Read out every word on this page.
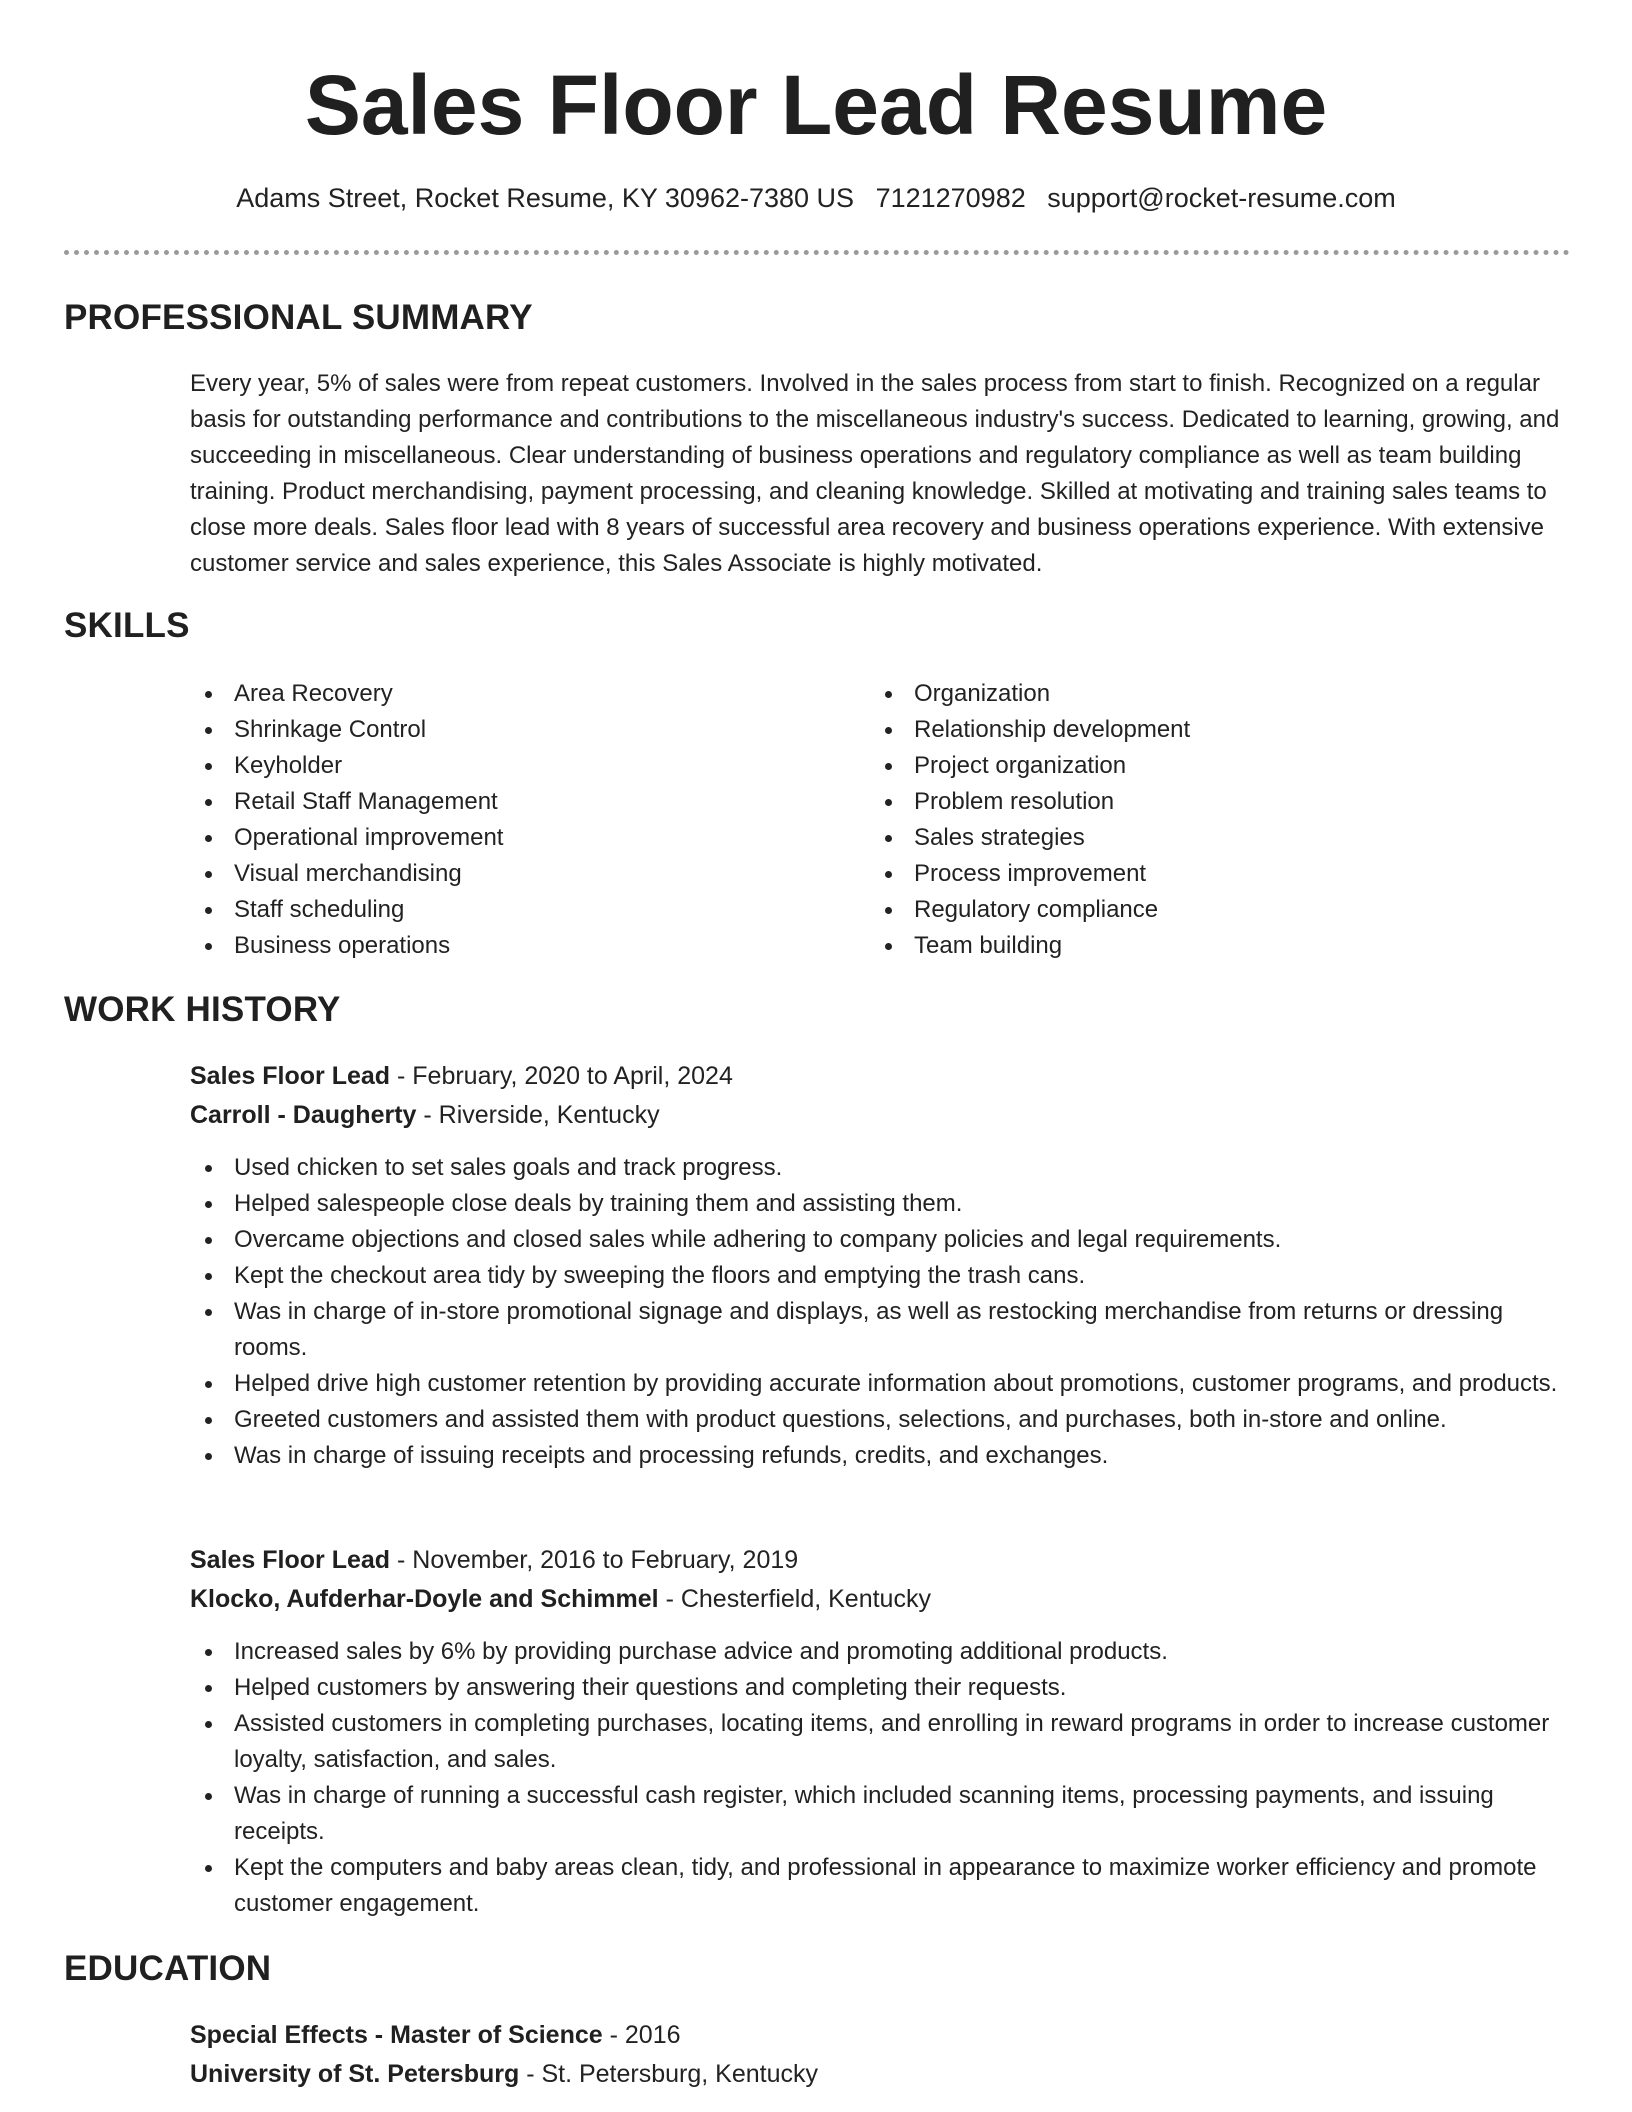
Sales Floor Lead Resume
Adams Street, Rocket Resume, KY 30962-7380 US 7121270982 support@rocket-resume.com
PROFESSIONAL SUMMARY

Every year, 5% of sales were from repeat customers. Involved in the sales process from start to finish. Recognized on a regular basis for outstanding performance and contributions to the miscellaneous industry's success. Dedicated to learning, growing, and succeeding in miscellaneous. Clear understanding of business operations and regulatory compliance as well as team building training. Product merchandising, payment processing, and cleaning knowledge. Skilled at motivating and training sales teams to close more deals. Sales floor lead with 8 years of successful area recovery and business operations experience. With extensive customer service and sales experience, this Sales Associate is highly motivated.

SKILLS
Area Recovery
Shrinkage Control
Keyholder
Retail Staff Management
Operational improvement
Visual merchandising
Staff scheduling
Business operations
Organization
Relationship development
Project organization
Problem resolution
Sales strategies
Process improvement
Regulatory compliance
Team building
WORK HISTORY
Sales Floor Lead - February, 2020 to April, 2024
Carroll - Daugherty - Riverside, Kentucky
Used chicken to set sales goals and track progress.
Helped salespeople close deals by training them and assisting them.
Overcame objections and closed sales while adhering to company policies and legal requirements.
Kept the checkout area tidy by sweeping the floors and emptying the trash cans.
Was in charge of in-store promotional signage and displays, as well as restocking merchandise from returns or dressing rooms.
Helped drive high customer retention by providing accurate information about promotions, customer programs, and products.
Greeted customers and assisted them with product questions, selections, and purchases, both in-store and online.
Was in charge of issuing receipts and processing refunds, credits, and exchanges.
Sales Floor Lead - November, 2016 to February, 2019
Klocko, Aufderhar-Doyle and Schimmel - Chesterfield, Kentucky
Increased sales by 6% by providing purchase advice and promoting additional products.
Helped customers by answering their questions and completing their requests.
Assisted customers in completing purchases, locating items, and enrolling in reward programs in order to increase customer loyalty, satisfaction, and sales.
Was in charge of running a successful cash register, which included scanning items, processing payments, and issuing receipts.
Kept the computers and baby areas clean, tidy, and professional in appearance to maximize worker efficiency and promote customer engagement.
EDUCATION
Special Effects - Master of Science - 2016
University of St. Petersburg - St. Petersburg, Kentucky
